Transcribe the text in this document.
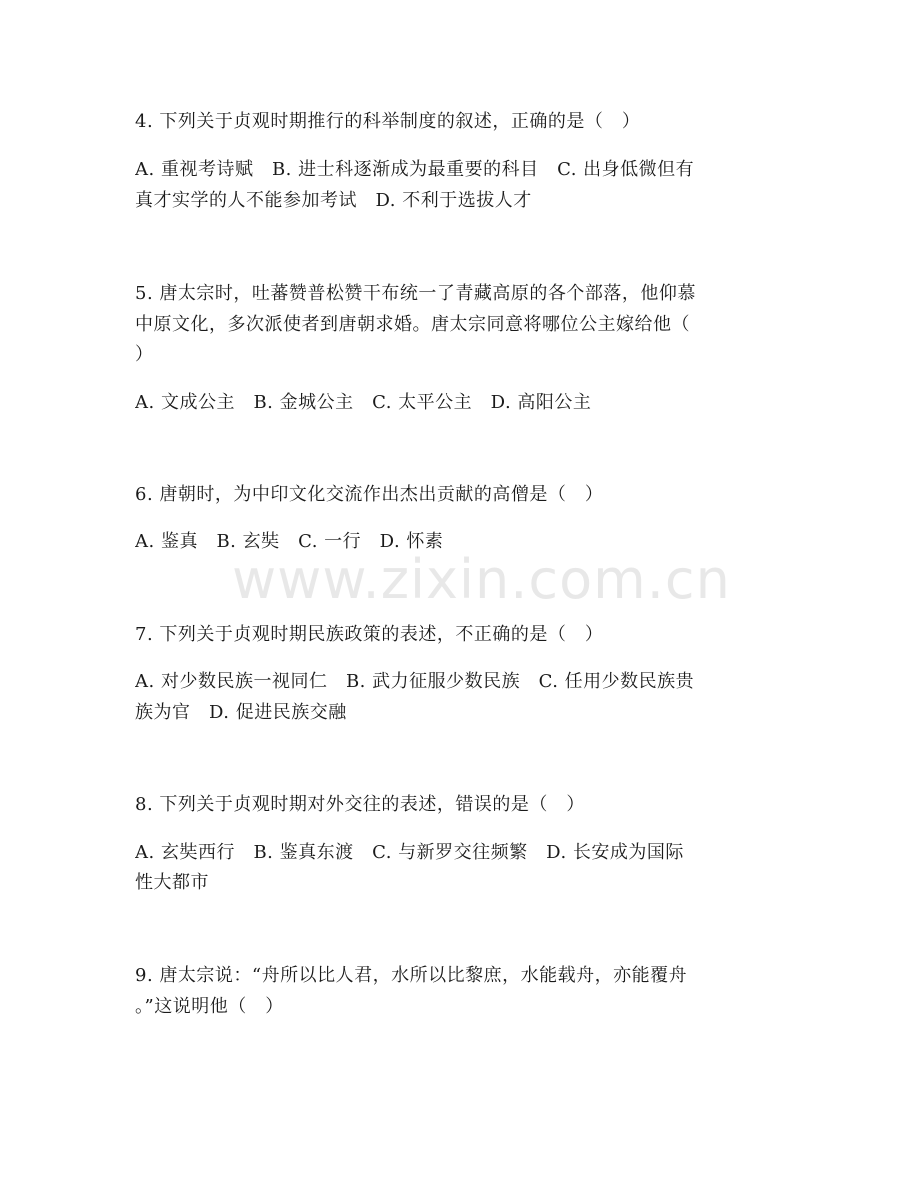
4. 下列关于贞观时期推行的科举制度的叙述，正确的是（　）
A. 重视考诗赋　B. 进士科逐渐成为最重要的科目　C. 出身低微但有
真才实学的人不能参加考试　D. 不利于选拔人才
5. 唐太宗时，吐蕃赞普松赞干布统一了青藏高原的各个部落，他仰慕
中原文化，多次派使者到唐朝求婚。唐太宗同意将哪位公主嫁给他（
）
A. 文成公主　B. 金城公主　C. 太平公主　D. 高阳公主
6. 唐朝时，为中印文化交流作出杰出贡献的高僧是（　）
A. 鉴真　B. 玄奘　C. 一行　D. 怀素
7. 下列关于贞观时期民族政策的表述，不正确的是（　）
A. 对少数民族一视同仁　B. 武力征服少数民族　C. 任用少数民族贵
族为官　D. 促进民族交融
8. 下列关于贞观时期对外交往的表述，错误的是（　）
A. 玄奘西行　B. 鉴真东渡　C. 与新罗交往频繁　D. 长安成为国际
性大都市
9. 唐太宗说：“舟所以比人君，水所以比黎庶，水能载舟，亦能覆舟
。”这说明他（　）
www.zixin.com.cn
